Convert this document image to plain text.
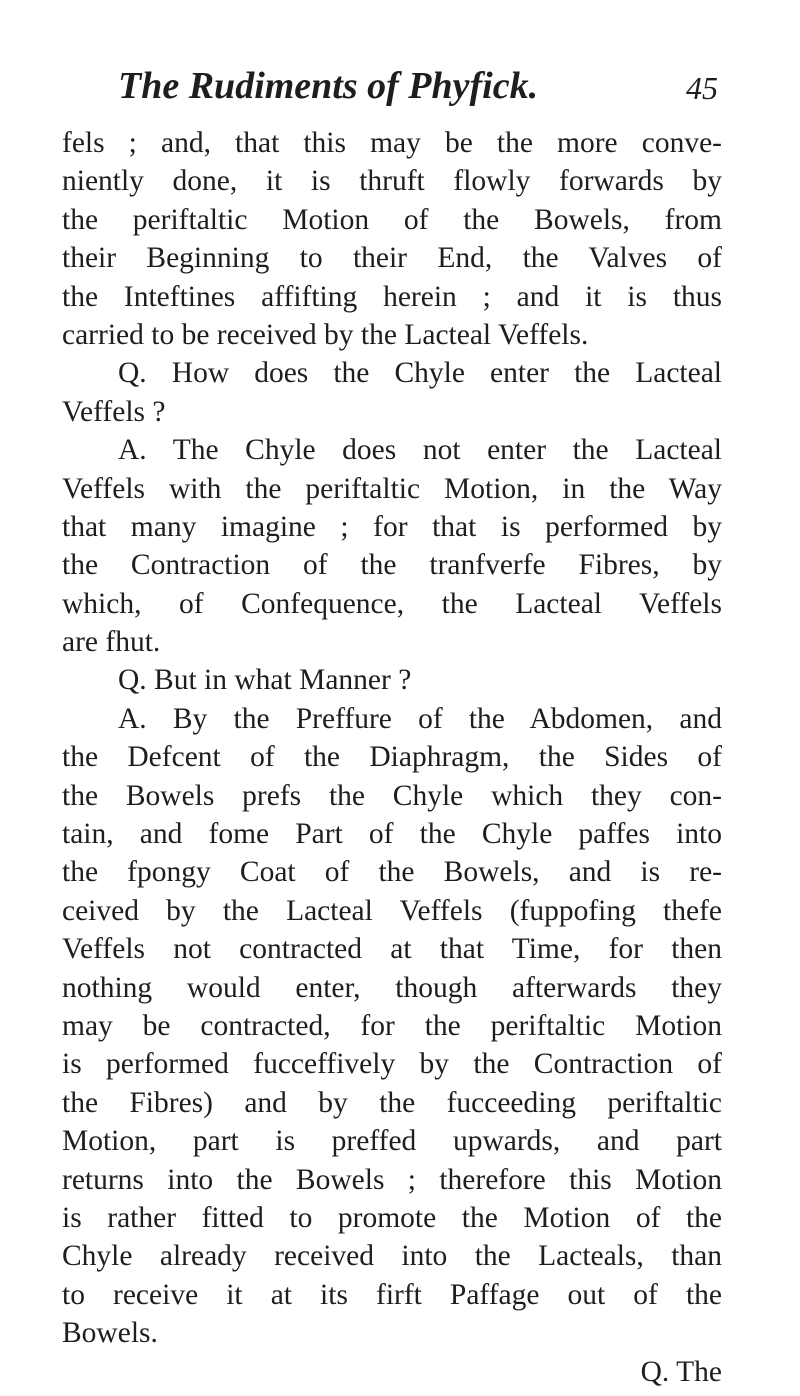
The Rudiments of Phyfick.	45
fels ; and, that this may be the more conve-
niently done, it is thruft flowly forwards by
the periftaltic Motion of the Bowels, from
their Beginning to their End, the Valves of
the Inteftines affifting herein ; and it is thus
carried to be received by the Lacteal Veffels.
Q. How does the Chyle enter the Lacteal
Veffels ?
A. The Chyle does not enter the Lacteal
Veffels with the periftaltic Motion, in the Way
that many imagine ; for that is performed by
the Contraction of the tranfverfe Fibres, by
which, of Confequence, the Lacteal Veffels
are fhut.
Q. But in what Manner ?
A. By the Preffure of the Abdomen, and
the Defcent of the Diaphragm, the Sides of
the Bowels prefs the Chyle which they con-
tain, and fome Part of the Chyle paffes into
the fpongy Coat of the Bowels, and is re-
ceived by the Lacteal Veffels (fuppofing thefe
Veffels not contracted at that Time, for then
nothing would enter, though afterwards they
may be contracted, for the periftaltic Motion
is performed fucceffively by the Contraction of
the Fibres) and by the fucceeding periftaltic
Motion, part is preffed upwards, and part
returns into the Bowels ; therefore this Motion
is rather fitted to promote the Motion of the
Chyle already received into the Lacteals, than
to receive it at its firft Paffage out of the
Bowels.
Q. The
